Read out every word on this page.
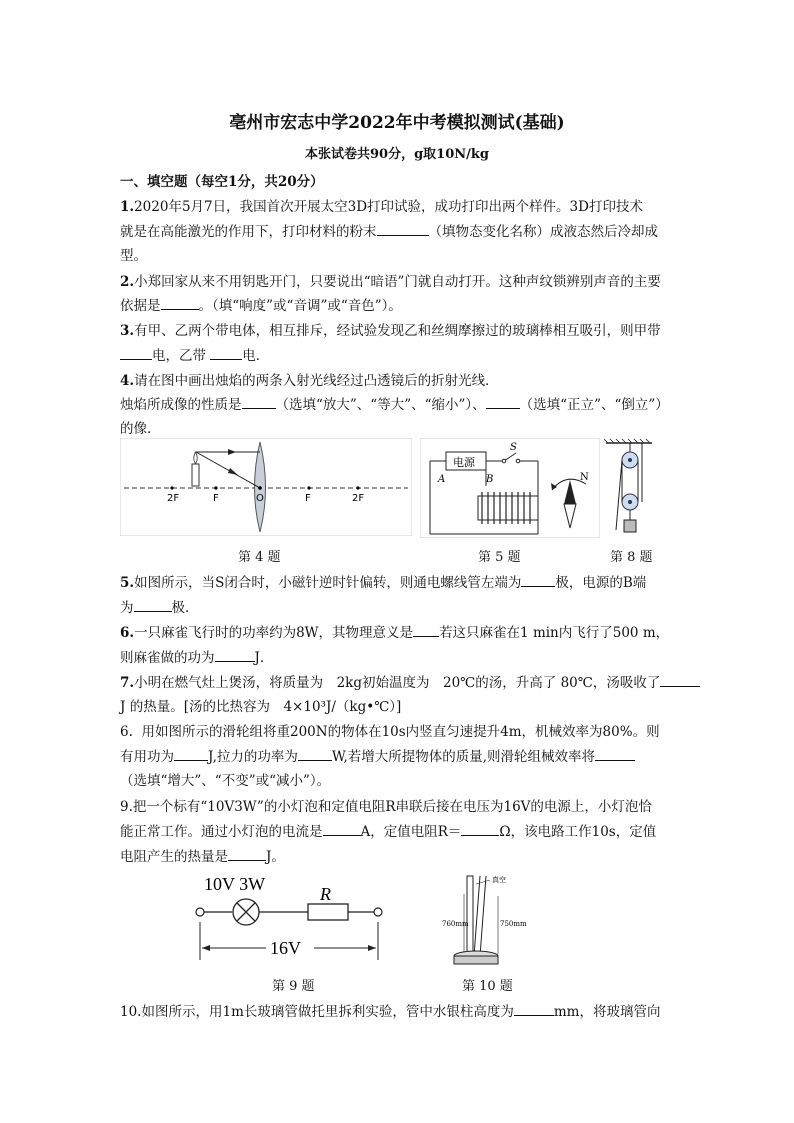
亳州市宏志中学2022年中考模拟测试(基础)
本张试卷共90分，g取10N/kg
一、填空题（每空1分，共20分）
1.2020年5月7日，我国首次开展太空3D打印试验，成功打印出两个样件。3D打印技术
就是在高能激光的作用下，打印材料的粉末	（填物态变化名称）成液态然后冷却成
型。
2.小郑回家从来不用钥匙开门，只要说出“暗语”门就自动打开。这种声纹锁辨别声音的主要
依据是	。（填“响度”或“音调”或“音色”）。
3.有甲、乙两个带电体，相互排斥，经试验发现乙和丝绸摩擦过的玻璃棒相互吸引，则甲带
电，乙带	电．
4.请在图中画出烛焰的两条入射光线经过凸透镜后的折射光线．
烛焰所成像的性质是	（选填“放大”、“等大”、“缩小”）、	（选填“正立”、“倒立”）
的像．
2F	F	O	F	2F
电源
S
A	B	N
第 4 题	第 5 题	第 8 题
5.如图所示，当S闭合时，小磁针逆时针偏转，则通电螺线管左端为	极，电源的B端
为	极．
6.一只麻雀飞行时的功率约为8W，其物理意义是 若这只麻雀在1 min内飞行了500 m，
则麻雀做的功为	J．
7.小明在燃气灶上煲汤，将质量为　2kg初始温度为　20℃的汤，升高了 80℃，汤吸收了
J 的热量。[汤的比热容为　4×10³J/（kg•℃）]
6. 用如图所示的滑轮组将重200N的物体在10s内竖直匀速提升4m，机械效率为80%。则
有用功为	J,拉力的功率为	W,若增大所提物体的质量,则滑轮组械效率将
（选填“增大”、“不变”或“减小”）。
9.把一个标有“10V3W”的小灯泡和定值电阻R串联后接在电压为16V的电源上，小灯泡恰
能正常工作。通过小灯泡的电流是	A，定值电阻R＝	Ω，该电路工作10s，定值
电阻产生的热量是	J。
10V 3W	R
16V
真空
760mm	750mm
第 9 题	第 10 题
10.如图所示，用1m长玻璃管做托里拆利实验，管中水银柱高度为	mm，将玻璃管向
